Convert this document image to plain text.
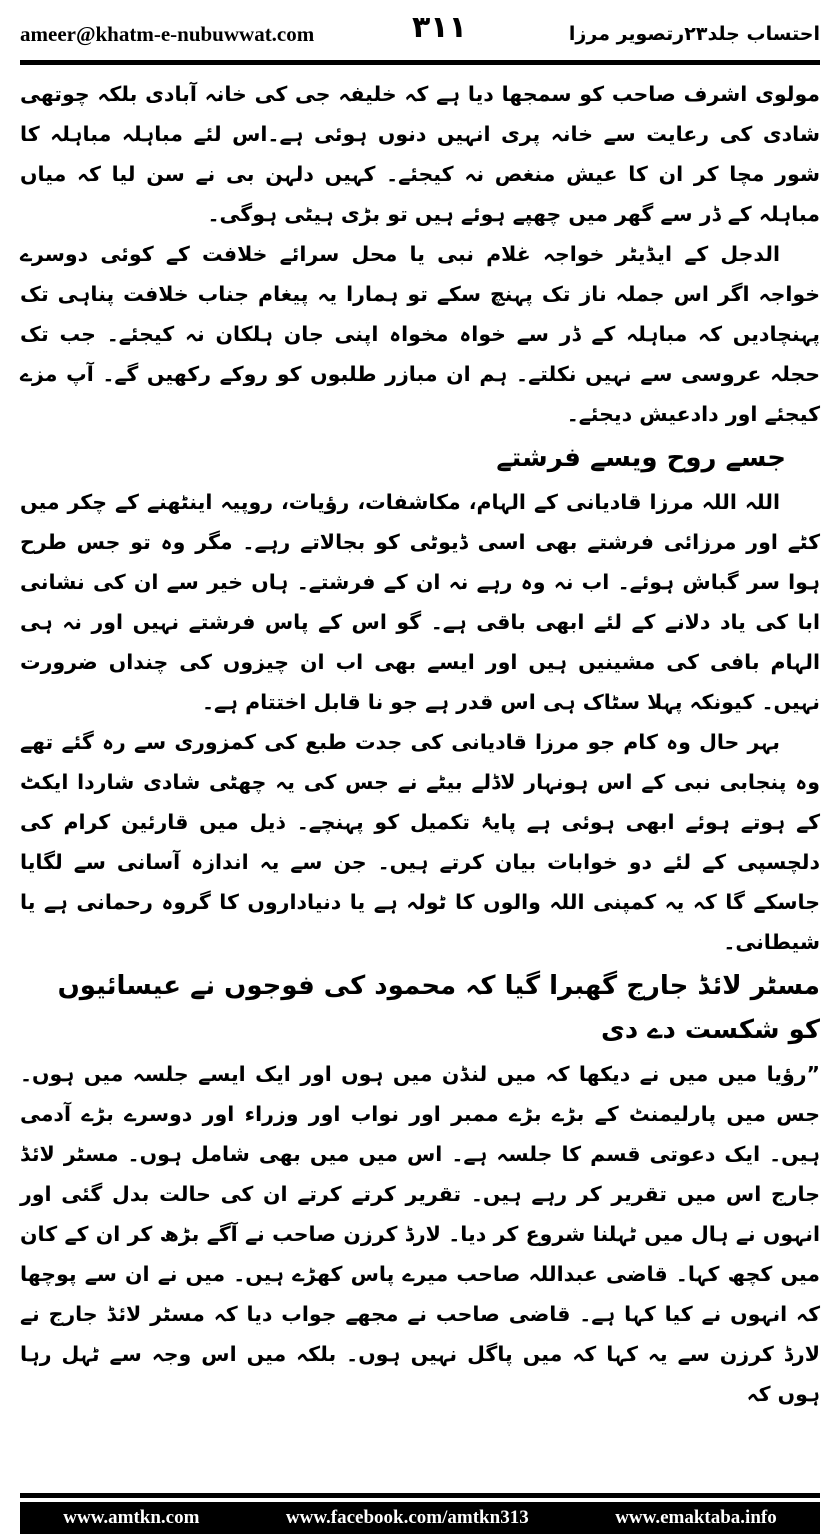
ameer@khatm-e-nubuwwat.com	۳۱۱	احتساب جلد۲۳رتصویر مرزا

مولوی اشرف صاحب کو سمجھا دیا ہے کہ خلیفہ جی کی خانہ آبادی بلکہ چوتھی شادی کی رعایت سے خانہ پری انہیں دنوں ہوئی ہے۔اس لئے مباہلہ مباہلہ کا شور مچا کر ان کا عیش منغص نہ کیجئے۔ کہیں دلہن بی نے سن لیا کہ میاں مباہلہ کے ڈر سے گھر میں چھپے ہوئے ہیں تو بڑی ہیٹی ہوگی۔

الدجل کے ایڈیٹر خواجہ غلام نبی یا محل سرائے خلافت کے کوئی دوسرے خواجہ اگر اس جملہ ناز تک پہنچ سکے تو ہمارا یہ پیغام جناب خلافت پناہی تک پہنچادیں کہ مباہلہ کے ڈر سے خواہ مخواہ اپنی جان ہلکان نہ کیجئے۔ جب تک حجلہ عروسی سے نہیں نکلتے۔ ہم ان مبازر طلبوں کو روکے رکھیں گے۔ آپ مزے کیجئے اور دادعیش دیجئے۔

جسے روح ویسے فرشتے

اللہ اللہ مرزا قادیانی کے الہام، مکاشفات، رؤیات، روپیہ اینٹھنے کے چکر میں کٹے اور مرزائی فرشتے بھی اسی ڈیوٹی کو بجالاتے رہے۔ مگر وہ تو جس طرح ہوا سر گباش ہوئے۔ اب نہ وہ رہے نہ ان کے فرشتے۔ ہاں خیر سے ان کی نشانی ابا کی یاد دلانے کے لئے ابھی باقی ہے۔ گو اس کے پاس فرشتے نہیں اور نہ ہی الہام بافی کی مشینیں ہیں اور ایسے بھی اب ان چیزوں کی چنداں ضرورت نہیں۔ کیونکہ پہلا سٹاک ہی اس قدر ہے جو نا قابل اختتام ہے۔

بہر حال وہ کام جو مرزا قادیانی کی جدت طبع کی کمزوری سے رہ گئے تھے وہ پنجابی نبی کے اس ہونہار لاڈلے بیٹے نے جس کی یہ چھٹی شادی شاردا ایکٹ کے ہوتے ہوئے ابھی ہوئی ہے پایۂ تکمیل کو پہنچے۔ ذیل میں قارئین کرام کی دلچسپی کے لئے دو خوابات بیان کرتے ہیں۔ جن سے یہ اندازہ آسانی سے لگایا جاسکے گا کہ یہ کمپنی اللہ والوں کا ٹولہ ہے یا دنیاداروں کا گروہ رحمانی ہے یا شیطانی۔

مسٹر لائڈ جارج گھبرا گیا کہ محمود کی فوجوں نے عیسائیوں کو شکست دے دی

”رؤیا میں میں نے دیکھا کہ میں لنڈن میں ہوں اور ایک ایسے جلسہ میں ہوں۔ جس میں پارلیمنٹ کے بڑے بڑے ممبر اور نواب اور وزراء اور دوسرے بڑے آدمی ہیں۔ ایک دعوتی قسم کا جلسہ ہے۔ اس میں میں بھی شامل ہوں۔ مسٹر لائڈ جارج اس میں تقریر کر رہے ہیں۔ تقریر کرتے کرتے ان کی حالت بدل گئی اور انہوں نے ہال میں ٹہلنا شروع کر دیا۔ لارڈ کرزن صاحب نے آگے بڑھ کر ان کے کان میں کچھ کہا۔ قاضی عبداللہ صاحب میرے پاس کھڑے ہیں۔ میں نے ان سے پوچھا کہ انہوں نے کیا کہا ہے۔ قاضی صاحب نے مجھے جواب دیا کہ مسٹر لائڈ جارج نے لارڈ کرزن سے یہ کہا کہ میں پاگل نہیں ہوں۔ بلکہ میں اس وجہ سے ٹہل رہا ہوں کہ

www.amtkn.com	www.facebook.com/amtkn313	www.emaktaba.info
